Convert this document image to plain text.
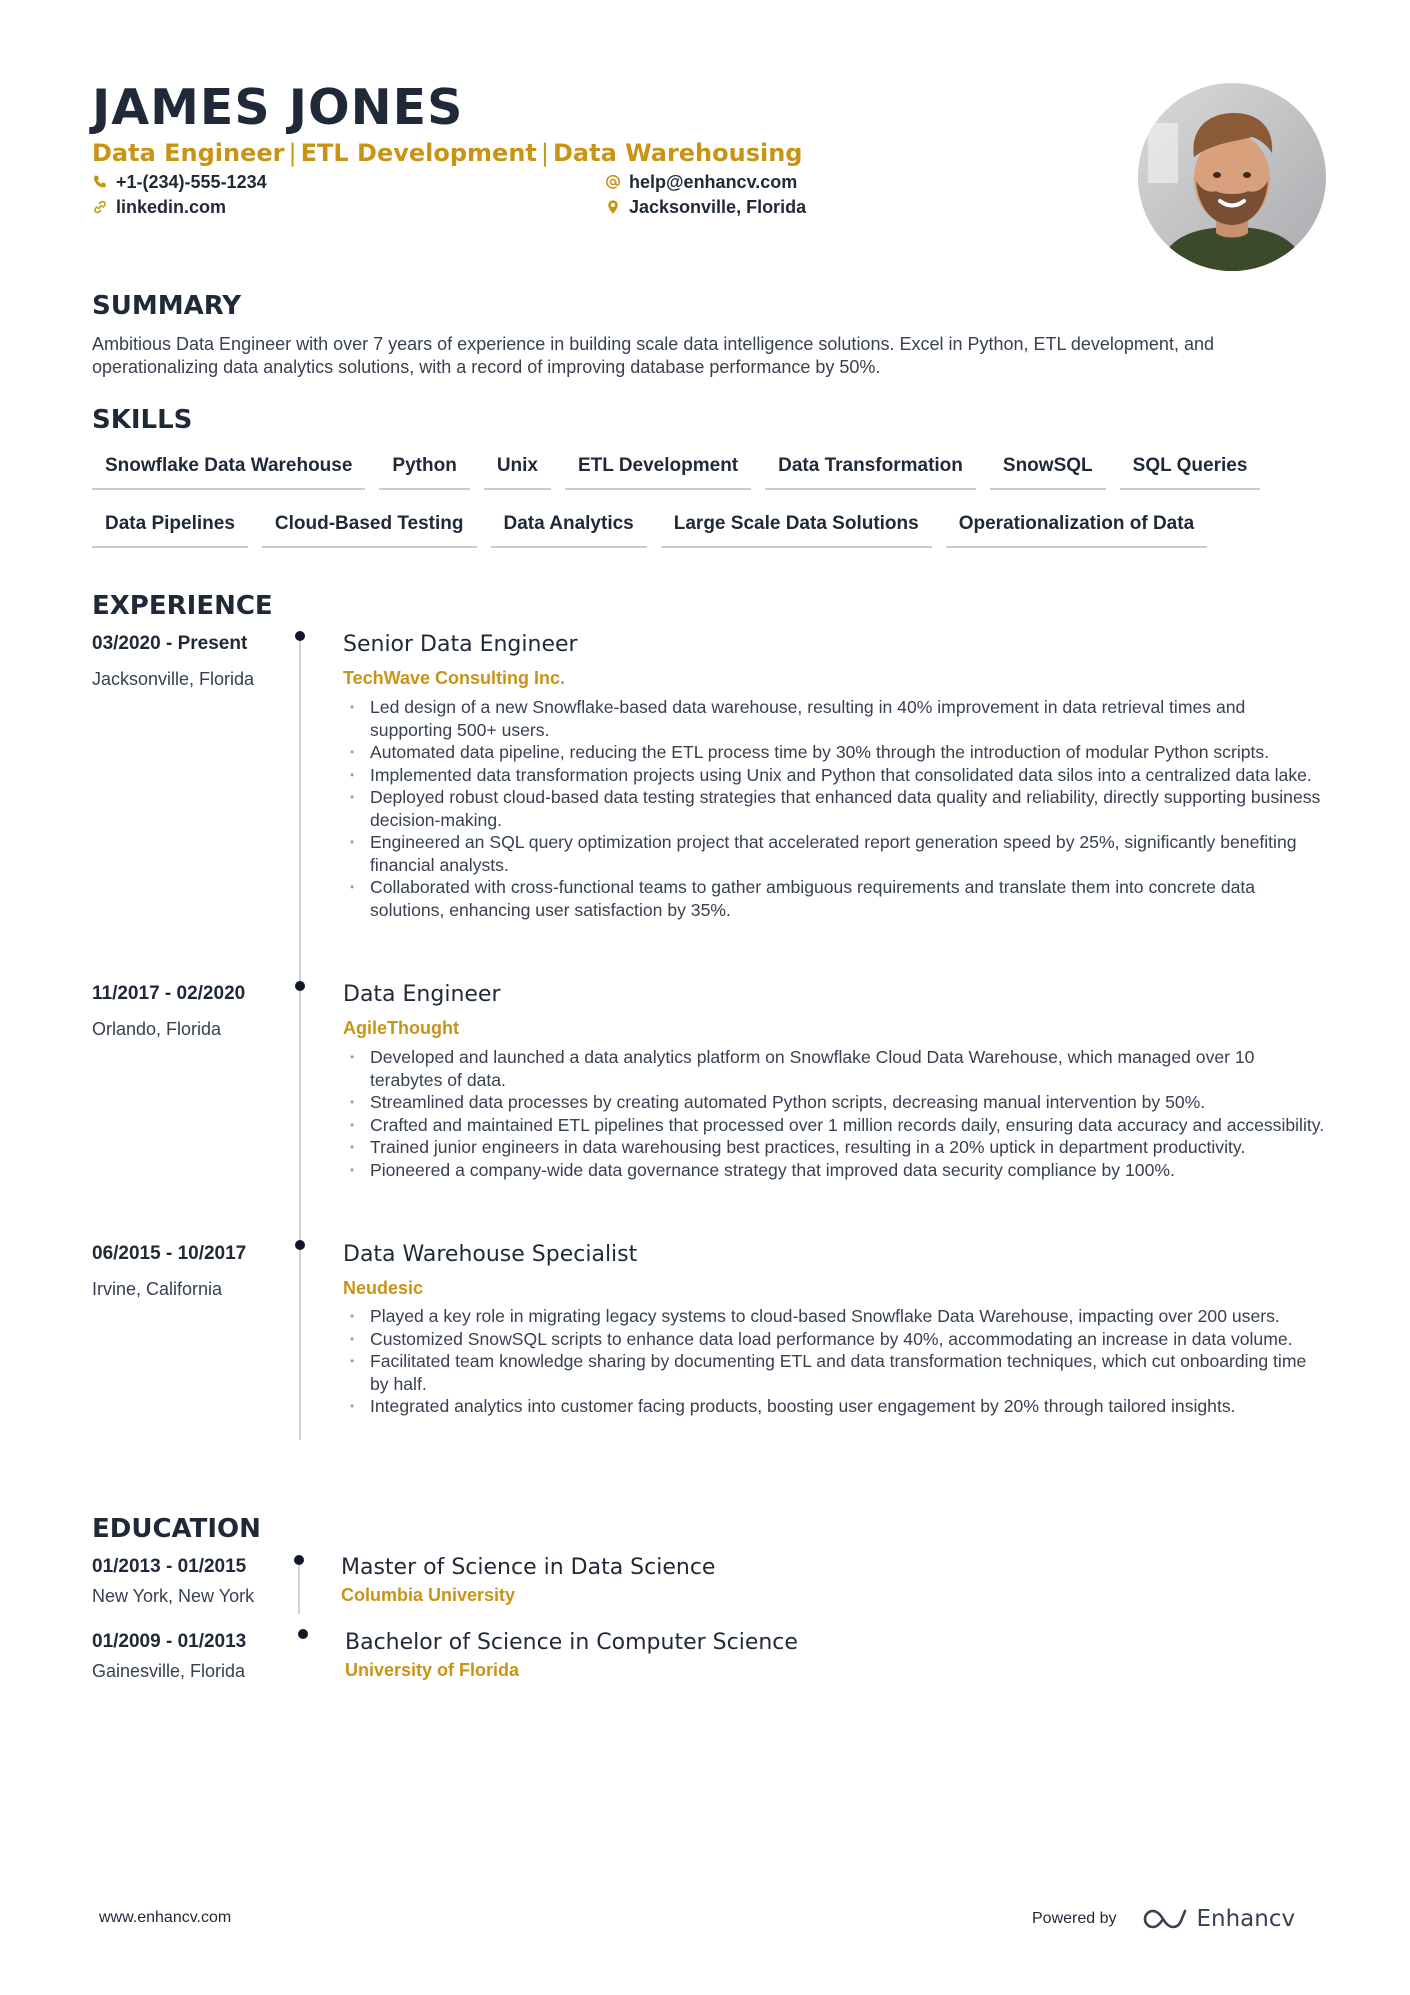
JAMES JONES
Data Engineer | ETL Development | Data Warehousing
+1-(234)-555-1234
linkedin.com
help@enhancv.com
Jacksonville, Florida
SUMMARY

Ambitious Data Engineer with over 7 years of experience in building scale data intelligence solutions. Excel in Python, ETL development, and operationalizing data analytics solutions, with a record of improving database performance by 50%.

SKILLS
Snowflake Data Warehouse	Python	Unix	ETL Development	Data Transformation	SnowSQL	SQL Queries
Data Pipelines	Cloud-Based Testing	Data Analytics	Large Scale Data Solutions	Operationalization of Data
EXPERIENCE
03/2020 - Present
Jacksonville, Florida
Senior Data Engineer
TechWave Consulting Inc.
• Led design of a new Snowflake-based data warehouse, resulting in 40% improvement in data retrieval times and supporting 500+ users.
• Automated data pipeline, reducing the ETL process time by 30% through the introduction of modular Python scripts.
• Implemented data transformation projects using Unix and Python that consolidated data silos into a centralized data lake.
• Deployed robust cloud-based data testing strategies that enhanced data quality and reliability, directly supporting business decision-making.
• Engineered an SQL query optimization project that accelerated report generation speed by 25%, significantly benefiting financial analysts.
• Collaborated with cross-functional teams to gather ambiguous requirements and translate them into concrete data solutions, enhancing user satisfaction by 35%.
11/2017 - 02/2020
Orlando, Florida
Data Engineer
AgileThought
• Developed and launched a data analytics platform on Snowflake Cloud Data Warehouse, which managed over 10 terabytes of data.
• Streamlined data processes by creating automated Python scripts, decreasing manual intervention by 50%.
• Crafted and maintained ETL pipelines that processed over 1 million records daily, ensuring data accuracy and accessibility.
• Trained junior engineers in data warehousing best practices, resulting in a 20% uptick in department productivity.
• Pioneered a company-wide data governance strategy that improved data security compliance by 100%.
06/2015 - 10/2017
Irvine, California
Data Warehouse Specialist
Neudesic
• Played a key role in migrating legacy systems to cloud-based Snowflake Data Warehouse, impacting over 200 users.
• Customized SnowSQL scripts to enhance data load performance by 40%, accommodating an increase in data volume.
• Facilitated team knowledge sharing by documenting ETL and data transformation techniques, which cut onboarding time by half.
• Integrated analytics into customer facing products, boosting user engagement by 20% through tailored insights.
EDUCATION
01/2013 - 01/2015
New York, New York
Master of Science in Data Science
Columbia University
01/2009 - 01/2013
Gainesville, Florida
Bachelor of Science in Computer Science
University of Florida
www.enhancv.com	Powered by	Enhancv
